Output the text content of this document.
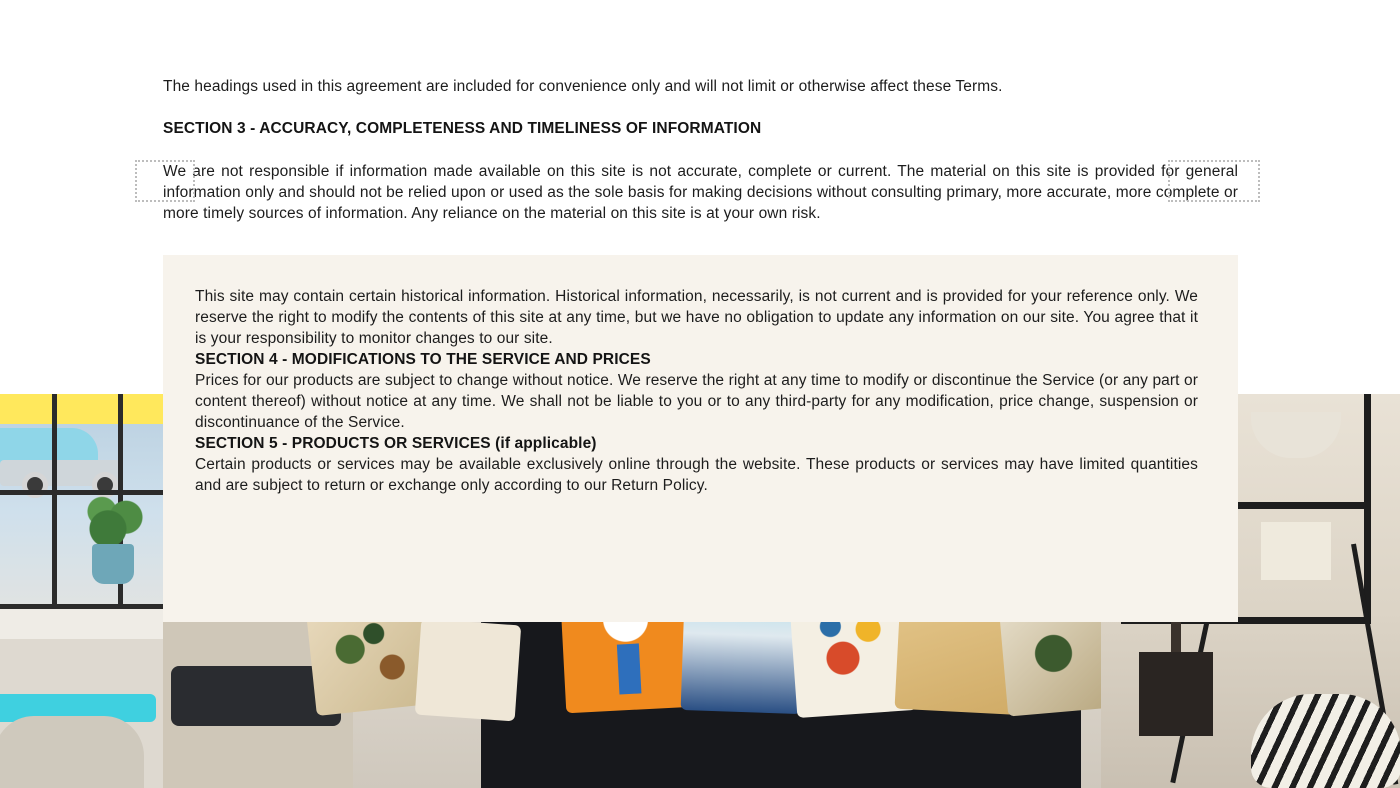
The headings used in this agreement are included for convenience only and will not limit or otherwise affect these Terms.

SECTION 3 - ACCURACY, COMPLETENESS AND TIMELINESS OF INFORMATION

We are not responsible if information made available on this site is not accurate, complete or current. The material on this site is provided for general information only and should not be relied upon or used as the sole basis for making decisions without consulting primary, more accurate, more complete or more timely sources of information. Any reliance on the material on this site is at your own risk.

This site may contain certain historical information. Historical information, necessarily, is not current and is provided for your reference only. We reserve the right to modify the contents of this site at any time, but we have no obligation to update any information on our site. You agree that it is your responsibility to monitor changes to our site.

SECTION 4 - MODIFICATIONS TO THE SERVICE AND PRICES

Prices for our products are subject to change without notice. We reserve the right at any time to modify or discontinue the Service (or any part or content thereof) without notice at any time. We shall not be liable to you or to any third-party for any modification, price change, suspension or discontinuance of the Service.

SECTION 5 - PRODUCTS OR SERVICES (if applicable)

Certain products or services may be available exclusively online through the website. These products or services may have limited quantities and are subject to return or exchange only according to our Return Policy.
